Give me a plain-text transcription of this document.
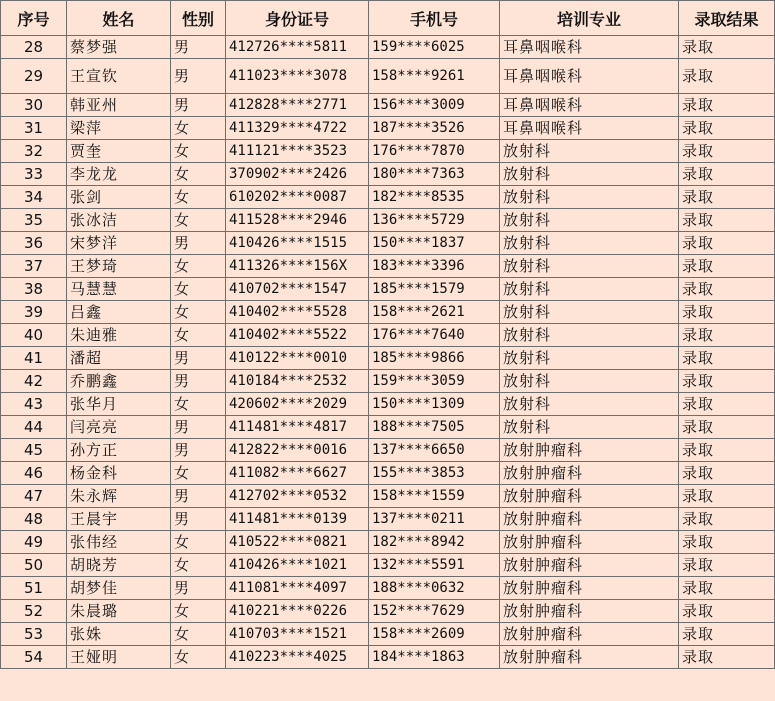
序号	姓名	性别	身份证号	手机号	培训专业	录取结果
28	蔡梦强	男	412726****5811	159****6025	耳鼻咽喉科	录取
29	王宣钦	男	411023****3078	158****9261	耳鼻咽喉科	录取
30	韩亚州	男	412828****2771	156****3009	耳鼻咽喉科	录取
31	梁萍	女	411329****4722	187****3526	耳鼻咽喉科	录取
32	贾奎	女	411121****3523	176****7870	放射科	录取
33	李龙龙	女	370902****2426	180****7363	放射科	录取
34	张剑	女	610202****0087	182****8535	放射科	录取
35	张冰洁	女	411528****2946	136****5729	放射科	录取
36	宋梦洋	男	410426****1515	150****1837	放射科	录取
37	王梦琦	女	411326****156X	183****3396	放射科	录取
38	马慧慧	女	410702****1547	185****1579	放射科	录取
39	吕鑫	女	410402****5528	158****2621	放射科	录取
40	朱迪雅	女	410402****5522	176****7640	放射科	录取
41	潘超	男	410122****0010	185****9866	放射科	录取
42	乔鹏鑫	男	410184****2532	159****3059	放射科	录取
43	张华月	女	420602****2029	150****1309	放射科	录取
44	闫亮亮	男	411481****4817	188****7505	放射科	录取
45	孙方正	男	412822****0016	137****6650	放射肿瘤科	录取
46	杨金科	女	411082****6627	155****3853	放射肿瘤科	录取
47	朱永辉	男	412702****0532	158****1559	放射肿瘤科	录取
48	王晨宇	男	411481****0139	137****0211	放射肿瘤科	录取
49	张伟经	女	410522****0821	182****8942	放射肿瘤科	录取
50	胡晓芳	女	410426****1021	132****5591	放射肿瘤科	录取
51	胡梦佳	男	411081****4097	188****0632	放射肿瘤科	录取
52	朱晨璐	女	410221****0226	152****7629	放射肿瘤科	录取
53	张姝	女	410703****1521	158****2609	放射肿瘤科	录取
54	王娅明	女	410223****4025	184****1863	放射肿瘤科	录取
